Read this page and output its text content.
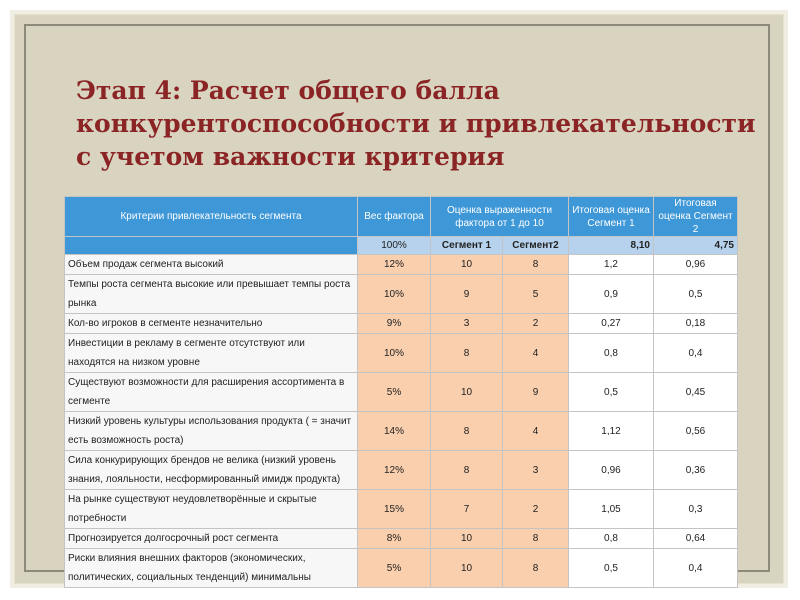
Этап 4: Расчет общего балла
конкурентоспособности и привлекательности
с учетом важности критерия
Критерии привлекательность сегмента	Вес фактора	Оценка выраженности фактора от 1 до 10		Итоговая оценка Сегмент 1	Итоговая оценка Сегмент 2
	100%	Сегмент 1	Сегмент2	8,10	4,75
Объем продаж сегмента высокий	12%	10	8	1,2	0,96
Темпы роста сегмента высокие или превышает темпы роста рынка	10%	9	5	0,9	0,5
Кол-во игроков в сегменте незначительно	9%	3	2	0,27	0,18
Инвестиции в рекламу в сегменте отсутствуют или находятся на низком уровне	10%	8	4	0,8	0,4
Существуют возможности для расширения ассортимента в сегменте	5%	10	9	0,5	0,45
Низкий уровень культуры использования продукта ( = значит есть возможность роста)	14%	8	4	1,12	0,56
Сила конкурирующих брендов не велика (низкий уровень знания, лояльности, несформированный имидж продукта)	12%	8	3	0,96	0,36
На рынке существуют неудовлетворённые и скрытые потребности	15%	7	2	1,05	0,3
Прогнозируется долгосрочный рост сегмента	8%	10	8	0,8	0,64
Риски влияния внешних факторов (экономических, политических, социальных тенденций) минимальны	5%	10	8	0,5	0,4
